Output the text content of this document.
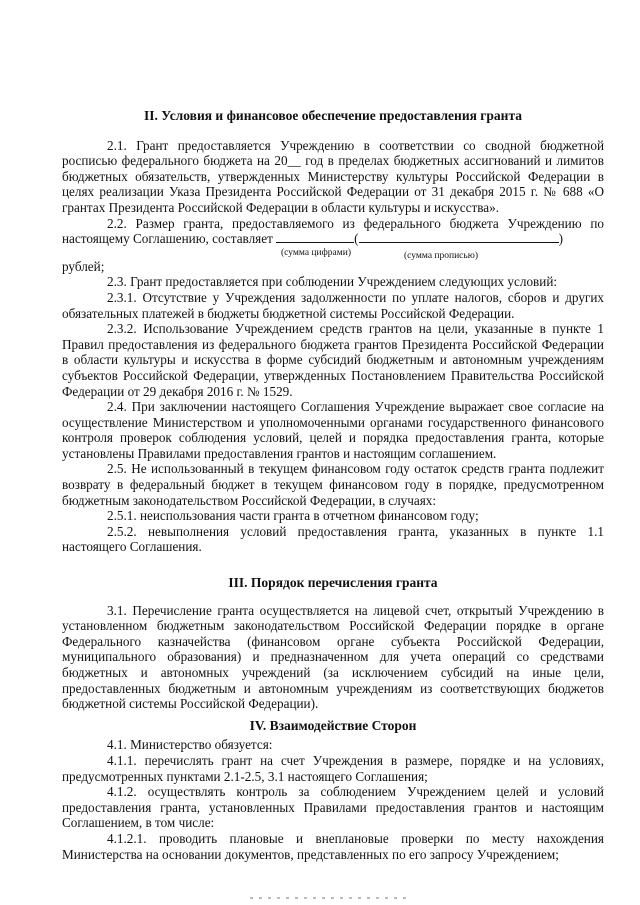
II. Условия и финансовое обеспечение предоставления гранта

2.1. Грант предоставляется Учреждению в соответствии со сводной бюджетной росписью федерального бюджета на 20__ год в пределах бюджетных ассигнований и лимитов бюджетных обязательств, утвержденных Министерству культуры Российской Федерации в целях реализации Указа Президента Российской Федерации от 31 декабря 2015 г. № 688 «О грантах Президента Российской Федерации в области культуры и искусства».

2.2. Размер гранта, предоставляемого из федерального бюджета Учреждению по настоящему Соглашению, составляет	(	)

(сумма цифрами)	(сумма прописью)

рублей;

2.3. Грант предоставляется при соблюдении Учреждением следующих условий:

2.3.1. Отсутствие у Учреждения задолженности по уплате налогов, сборов и других обязательных платежей в бюджеты бюджетной системы Российской Федерации.

2.3.2. Использование Учреждением средств грантов на цели, указанные в пункте 1 Правил предоставления из федерального бюджета грантов Президента Российской Федерации в области культуры и искусства в форме субсидий бюджетным и автономным учреждениям субъектов Российской Федерации, утвержденных Постановлением Правительства Российской Федерации от 29 декабря 2016 г. № 1529.

2.4. При заключении настоящего Соглашения Учреждение выражает свое согласие на осуществление Министерством и уполномоченными органами государственного финансового контроля проверок соблюдения условий, целей и порядка предоставления гранта, которые установлены Правилами предоставления грантов и настоящим соглашением.

2.5. Не использованный в текущем финансовом году остаток средств гранта подлежит возврату в федеральный бюджет в текущем финансовом году в порядке, предусмотренном бюджетным законодательством Российской Федерации, в случаях:

2.5.1. неиспользования части гранта в отчетном финансовом году;

2.5.2. невыполнения условий предоставления гранта, указанных в пункте 1.1 настоящего Соглашения.

III. Порядок перечисления гранта

3.1. Перечисление гранта осуществляется на лицевой счет, открытый Учреждению в установленном бюджетным законодательством Российской Федерации порядке в органе Федерального казначейства (финансовом органе субъекта Российской Федерации, муниципального образования) и предназначенном для учета операций со средствами бюджетных и автономных учреждений (за исключением субсидий на иные цели, предоставленных бюджетным и автономным учреждениям из соответствующих бюджетов бюджетной системы Российской Федерации).

IV. Взаимодействие Сторон

4.1. Министерство обязуется:

4.1.1. перечислять грант на счет Учреждения в размере, порядке и на условиях, предусмотренных пунктами 2.1-2.5, 3.1 настоящего Соглашения;

4.1.2. осуществлять контроль за соблюдением Учреждением целей и условий предоставления гранта, установленных Правилами предоставления грантов и настоящим Соглашением, в том числе:

4.1.2.1. проводить плановые и внеплановые проверки по месту нахождения Министерства на основании документов, представленных по его запросу Учреждением;
